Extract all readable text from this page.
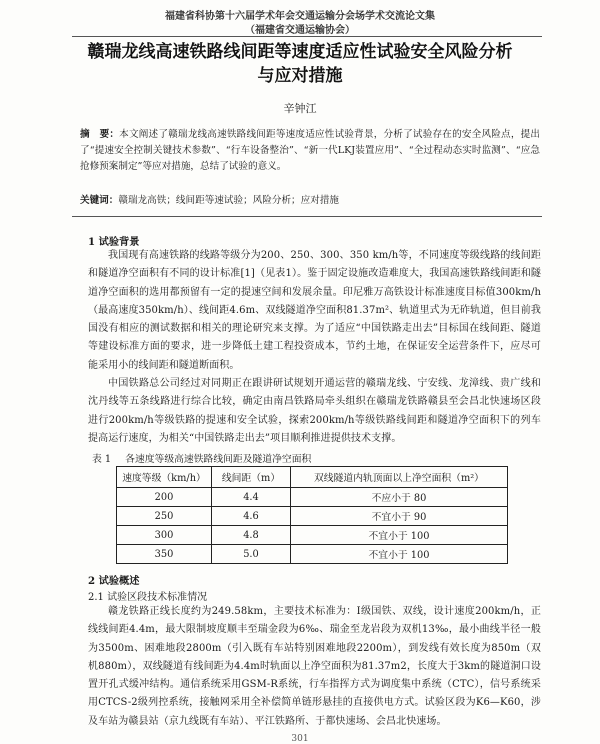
福建省科协第十六届学术年会交通运输分会场学术交流论文集
（福建省交通运输协会）
赣瑞龙线高速铁路线间距等速度适应性试验安全风险分析
与应对措施
辛钟江

摘　要：本文阐述了赣瑞龙线高速铁路线间距等速度适应性试验背景，分析了试验存在的安全风险点，提出了“提速安全控制关键技术参数”、“行车设备整治”、“新一代LKJ装置应用”、“全过程动态实时监测”、“应急抢修预案制定”等应对措施，总结了试验的意义。

关键词：赣瑞龙高铁；线间距等速试验；风险分析；应对措施

1 试验背景

我国现有高速铁路的线路等级分为200、250、300、350 km/h等，不同速度等级线路的线间距和隧道净空面积有不同的设计标准[1]（见表1）。鉴于固定设施改造难度大，我国高速铁路线间距和隧道净空面积的选用都预留有一定的提速空间和发展余量。印尼雅万高铁设计标准速度目标值300km/h（最高速度350km/h）、线间距4.6m、双线隧道净空面积81.37m²、轨道里式为无砟轨道，但目前我国没有相应的测试数据和相关的理论研究来支撑。为了适应“中国铁路走出去”目标国在线间距、隧道等建设标准方面的要求，进一步降低土建工程投资成本，节约土地，在保证安全运营条件下，应尽可能采用小的线间距和隧道断面积。

中国铁路总公司经过对同期正在跟讲研试规划开通运营的赣瑞龙线、宁安线、龙漳线、贵广线和沈丹线等五条线路进行综合比较，确定由南昌铁路局牵头组织在赣瑞龙铁路赣县至会昌北快速场区段进行200km/h等级铁路的提速和安全试验，探索200km/h等级铁路线间距和隧道净空面积下的列车提高运行速度，为相关“中国铁路走出去”项目顺利推进提供技术支撑。

表 1 各速度等级高速铁路线间距及隧道净空面积

速度等级（km/h）	线间距（m）	双线隧道内轨顶面以上净空面积（m²）
200	4.4	不应小于 80
250	4.6	不宜小于 90
300	4.8	不宜小于 100
350	5.0	不宜小于 100

2 试验概述

2.1 试验区段技术标准情况

赣龙铁路正线长度约为249.58km，主要技术标准为：I级国铁、双线，设计速度200km/h，正线线间距4.4m，最大限制坡度顺丰至瑞金段为6‰、瑞金至龙岩段为双机13‰，最小曲线半径一般为3500m、困难地段2800m（引入既有车站特别困难地段2200m），到发线有效长度为850m（双机880m），双线隧道有线间距为4.4m时轨面以上净空面积为81.37m2，长度大于3km的隧道洞口设置开孔式缓冲结构。通信系统采用GSM-R系统，行车指挥方式为调度集中系统（CTC），信号系统采用CTCS-2级列控系统，接触网采用全补偿简单链形悬挂的直接供电方式。试验区段为K6—K60，涉及车站为赣县站（京九线既有车站）、平江铁路所、于都快速场、会昌北快速场。

301
